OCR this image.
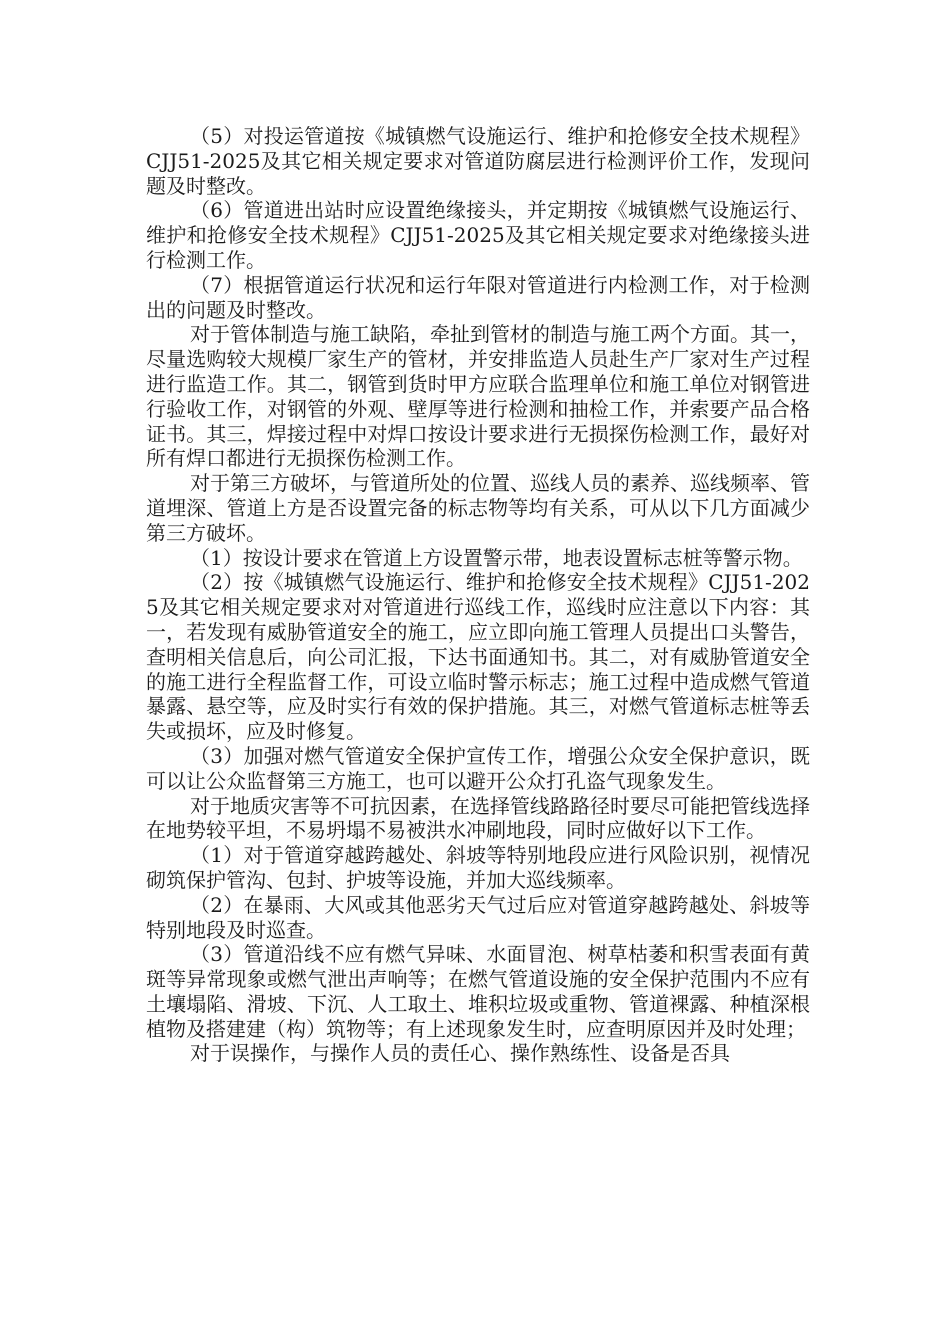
（5）对投运管道按《城镇燃气设施运行、维护和抢修安全技术规程》CJJ51-2025及其它相关规定要求对管道防腐层进行检测评价工作，发现问题及时整改。

（6）管道进出站时应设置绝缘接头，并定期按《城镇燃气设施运行、维护和抢修安全技术规程》CJJ51-2025及其它相关规定要求对绝缘接头进行检测工作。

（7）根据管道运行状况和运行年限对管道进行内检测工作，对于检测出的问题及时整改。

对于管体制造与施工缺陷，牵扯到管材的制造与施工两个方面。其一，尽量选购较大规模厂家生产的管材，并安排监造人员赴生产厂家对生产过程进行监造工作。其二，钢管到货时甲方应联合监理单位和施工单位对钢管进行验收工作，对钢管的外观、壁厚等进行检测和抽检工作，并索要产品合格证书。其三，焊接过程中对焊口按设计要求进行无损探伤检测工作，最好对所有焊口都进行无损探伤检测工作。

对于第三方破坏，与管道所处的位置、巡线人员的素养、巡线频率、管道埋深、管道上方是否设置完备的标志物等均有关系，可从以下几方面减少第三方破坏。

（1）按设计要求在管道上方设置警示带，地表设置标志桩等警示物。

（2）按《城镇燃气设施运行、维护和抢修安全技术规程》CJJ51-2025及其它相关规定要求对对管道进行巡线工作，巡线时应注意以下内容：其一，若发现有威胁管道安全的施工，应立即向施工管理人员提出口头警告，查明相关信息后，向公司汇报，下达书面通知书。其二，对有威胁管道安全的施工进行全程监督工作，可设立临时警示标志；施工过程中造成燃气管道暴露、悬空等，应及时实行有效的保护措施。其三，对燃气管道标志桩等丢失或损坏，应及时修复。

（3）加强对燃气管道安全保护宣传工作，增强公众安全保护意识，既可以让公众监督第三方施工，也可以避开公众打孔盗气现象发生。

对于地质灾害等不可抗因素，在选择管线路路径时要尽可能把管线选择在地势较平坦，不易坍塌不易被洪水冲刷地段，同时应做好以下工作。

（1）对于管道穿越跨越处、斜坡等特别地段应进行风险识别，视情况砌筑保护管沟、包封、护坡等设施，并加大巡线频率。

（2）在暴雨、大风或其他恶劣天气过后应对管道穿越跨越处、斜坡等特别地段及时巡查。

（3）管道沿线不应有燃气异味、水面冒泡、树草枯萎和积雪表面有黄斑等异常现象或燃气泄出声响等；在燃气管道设施的安全保护范围内不应有土壤塌陷、滑坡、下沉、人工取土、堆积垃圾或重物、管道裸露、种植深根植物及搭建建（构）筑物等；有上述现象发生时，应查明原因并及时处理；

对于误操作，与操作人员的责任心、操作熟练性、设备是否具
